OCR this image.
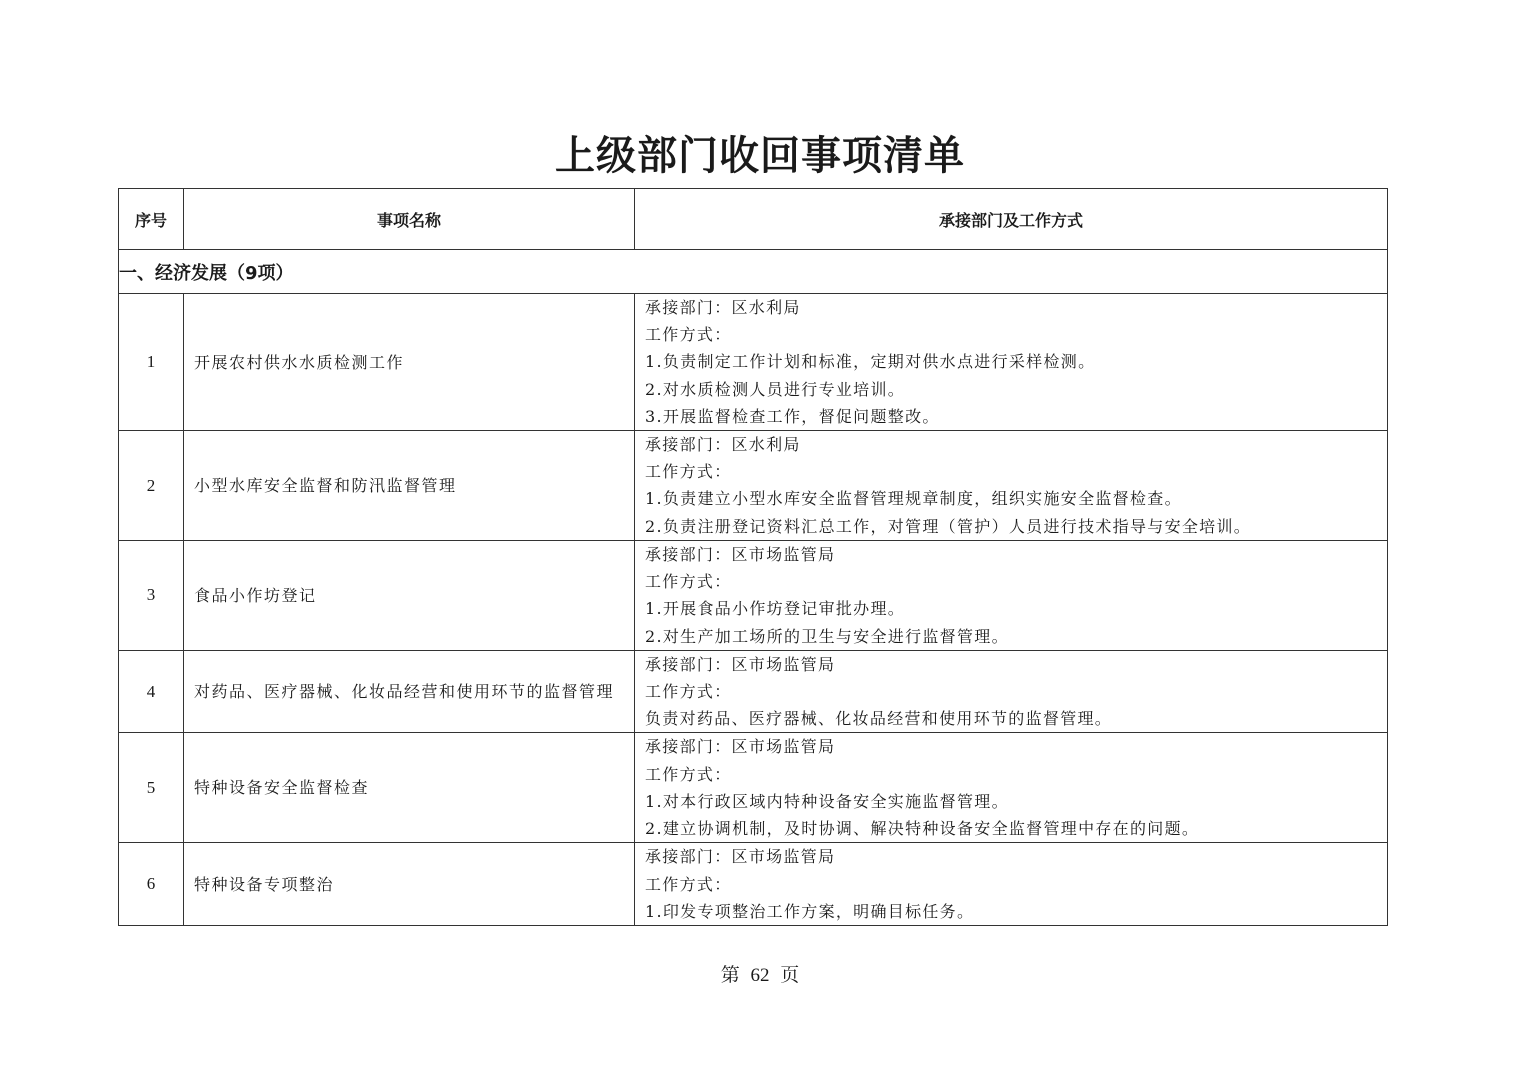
上级部门收回事项清单
序号	事项名称	承接部门及工作方式
一、经济发展（9项）		
1	开展农村供水水质检测工作	承接部门：区水利局
工作方式：
1.负责制定工作计划和标准，定期对供水点进行采样检测。
2.对水质检测人员进行专业培训。
3.开展监督检查工作，督促问题整改。

2	小型水库安全监督和防汛监督管理	承接部门：区水利局
工作方式：
1.负责建立小型水库安全监督管理规章制度，组织实施安全监督检查。
2.负责注册登记资料汇总工作，对管理（管护）人员进行技术指导与安全培训。

3	食品小作坊登记	承接部门：区市场监管局
工作方式：
1.开展食品小作坊登记审批办理。
2.对生产加工场所的卫生与安全进行监督管理。

4	对药品、医疗器械、化妆品经营和使用环节的监督管理	承接部门：区市场监管局
工作方式：
负责对药品、医疗器械、化妆品经营和使用环节的监督管理。

5	特种设备安全监督检查	承接部门：区市场监管局
工作方式：
1.对本行政区域内特种设备安全实施监督管理。
2.建立协调机制，及时协调、解决特种设备安全监督管理中存在的问题。

6	特种设备专项整治	承接部门：区市场监管局
工作方式：
1.印发专项整治工作方案，明确目标任务。
第 62 页
